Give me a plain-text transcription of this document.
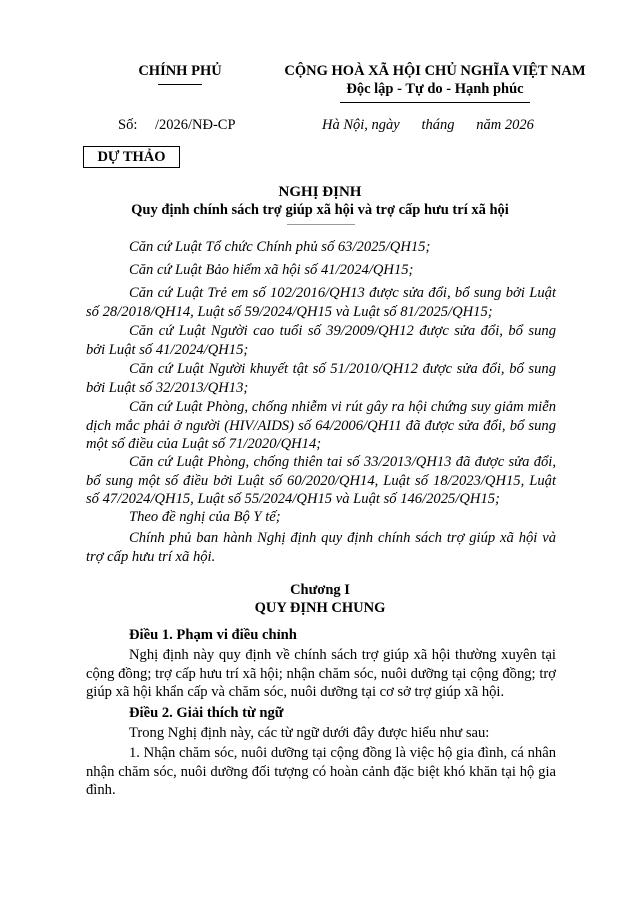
CHÍNH PHỦ	CỘNG HOÀ XÃ HỘI CHỦ NGHĨA VIỆT NAM
Độc lập - Tự do - Hạnh phúc
Số: /2026/NĐ-CP	Hà Nội, ngày      tháng      năm 2026
DỰ THẢO
NGHỊ ĐỊNH
Quy định chính sách trợ giúp xã hội và trợ cấp hưu trí xã hội
Căn cứ Luật Tổ chức Chính phủ số 63/2025/QH15;
Căn cứ Luật Bảo hiểm xã hội số 41/2024/QH15;
Căn cứ Luật Trẻ em số 102/2016/QH13 được sửa đổi, bổ sung bởi Luật số 28/2018/QH14, Luật số 59/2024/QH15 và Luật số 81/2025/QH15;
Căn cứ Luật Người cao tuổi số 39/2009/QH12 được sửa đổi, bổ sung bởi Luật số 41/2024/QH15;
Căn cứ Luật Người khuyết tật số 51/2010/QH12 được sửa đổi, bổ sung bởi Luật số 32/2013/QH13;
Căn cứ Luật Phòng, chống nhiễm vi rút gây ra hội chứng suy giảm miễn dịch mắc phải ở người (HIV/AIDS) số 64/2006/QH11 đã được sửa đổi, bổ sung một số điều của Luật số 71/2020/QH14;
Căn cứ Luật Phòng, chống thiên tai số 33/2013/QH13 đã được sửa đổi, bổ sung một số điều bởi Luật số 60/2020/QH14, Luật số 18/2023/QH15, Luật số 47/2024/QH15, Luật số 55/2024/QH15 và Luật số 146/2025/QH15;
Theo đề nghị của Bộ Y tế;
Chính phủ ban hành Nghị định quy định chính sách trợ giúp xã hội và trợ cấp hưu trí xã hội.
Chương I
QUY ĐỊNH CHUNG
Điều 1. Phạm vi điều chỉnh
Nghị định này quy định về chính sách trợ giúp xã hội thường xuyên tại cộng đồng; trợ cấp hưu trí xã hội; nhận chăm sóc, nuôi dưỡng tại cộng đồng; trợ giúp xã hội khẩn cấp và chăm sóc, nuôi dưỡng tại cơ sở trợ giúp xã hội.
Điều 2. Giải thích từ ngữ
Trong Nghị định này, các từ ngữ dưới đây được hiểu như sau:
1. Nhận chăm sóc, nuôi dưỡng tại cộng đồng là việc hộ gia đình, cá nhân nhận chăm sóc, nuôi dưỡng đối tượng có hoàn cảnh đặc biệt khó khăn tại hộ gia đình.
